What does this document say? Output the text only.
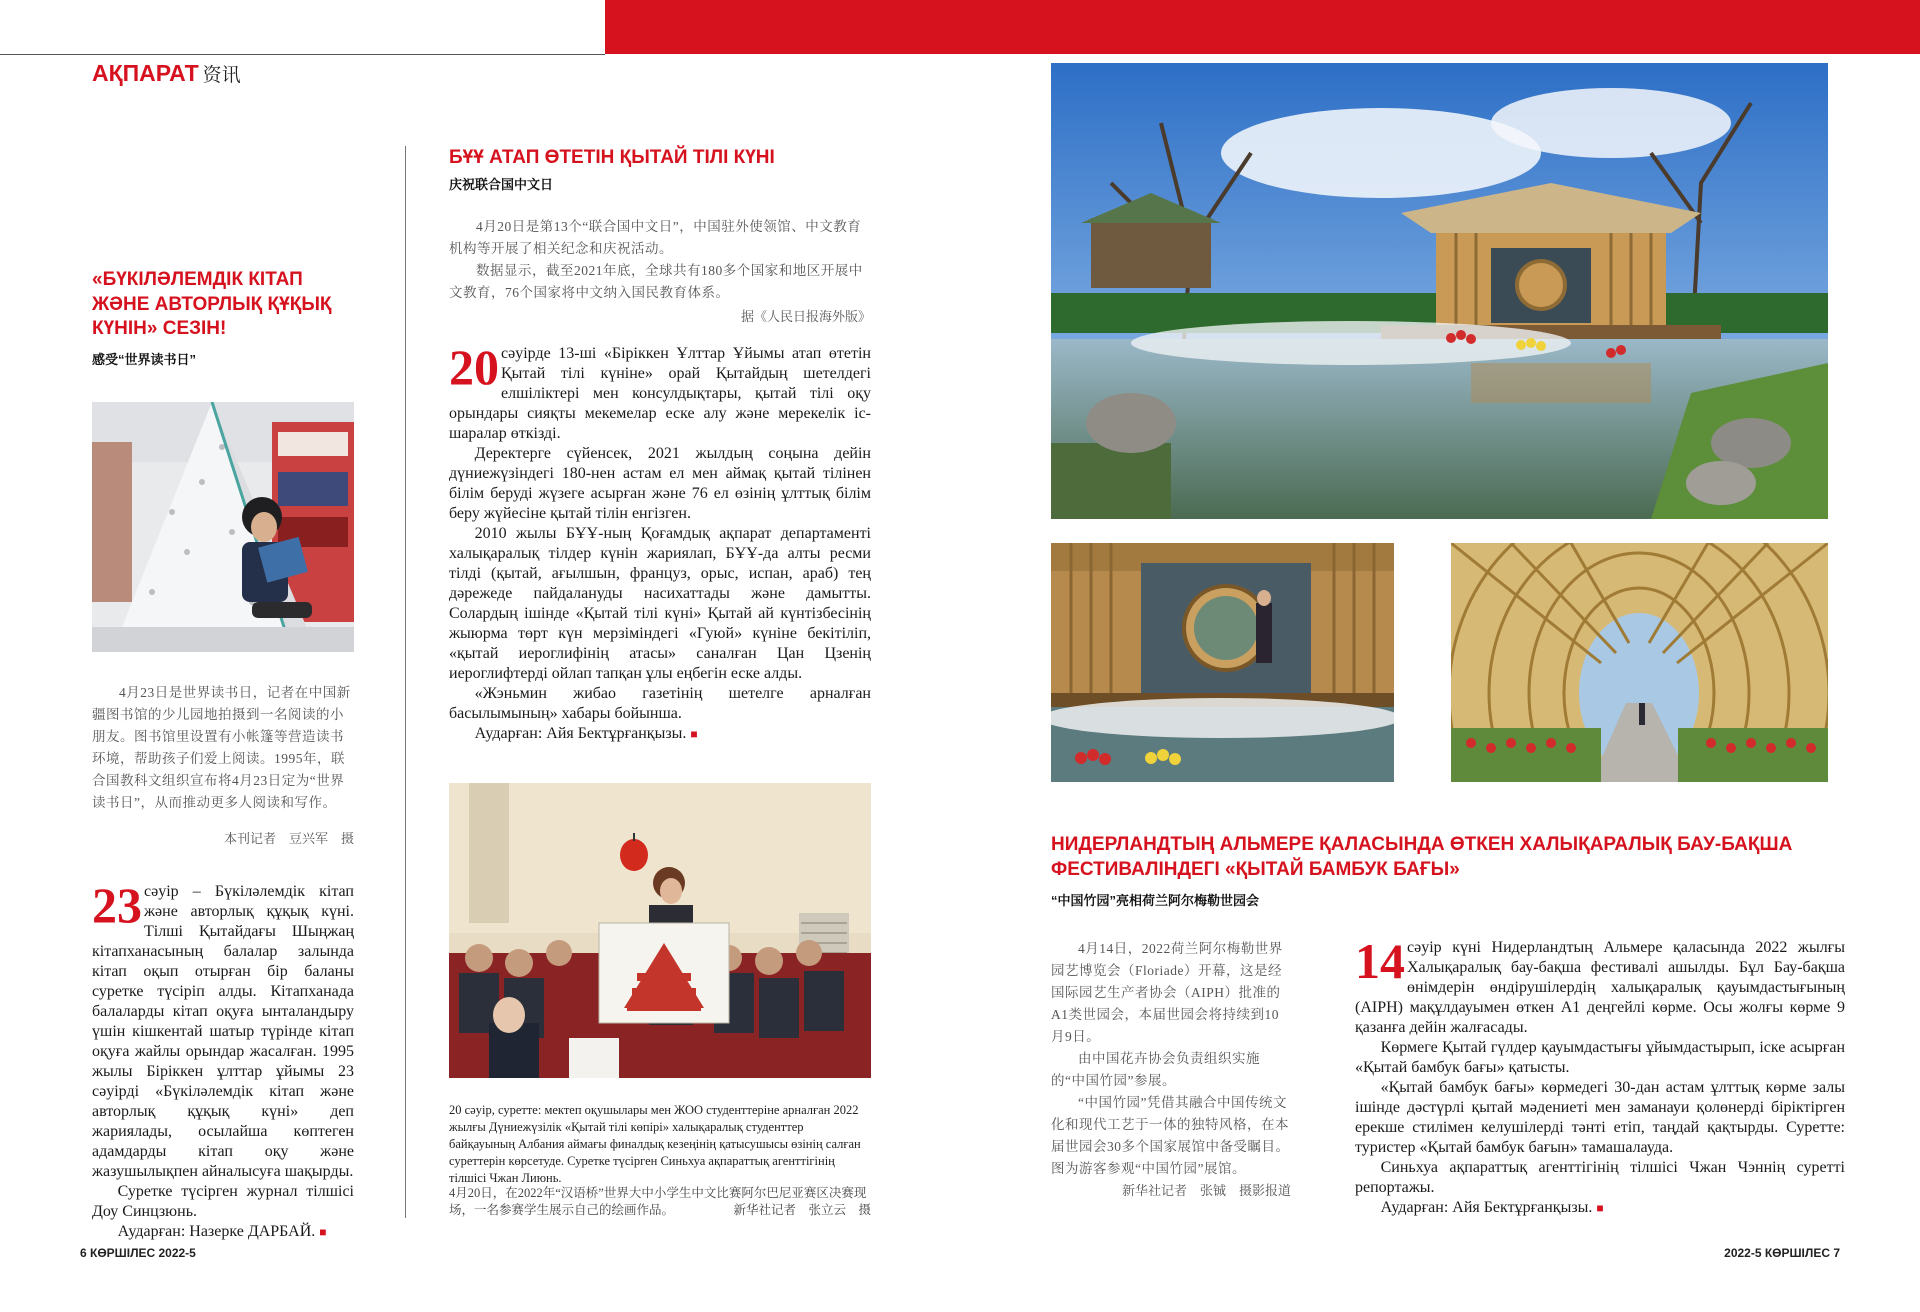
АҚПАРАТ 资讯
«БҮКІЛӘЛЕМДІК КІТАП ЖӘНЕ АВТОРЛЫҚ ҚҰҚЫҚ КҮНІН» СЕЗІН!
感受“世界读书日”
4月23日是世界读书日，记者在中国新疆图书馆的少儿园地拍摄到一名阅读的小朋友。图书馆里设置有小帐篷等营造读书环境，帮助孩子们爱上阅读。1995年，联合国教科文组织宣布将4月23日定为“世界读书日”，从而推动更多人阅读和写作。
本刊记者　豆兴军　摄

23 сәуір – Бүкіләлемдік кітап және авторлық құқық күні. Тілші Қытайдағы Шыңжаң кітапханасының балалар залында кітап оқып отырған бір баланы суретке түсіріп алды. Кітапханада балаларды кітап оқуға ынталандыру үшін кішкентай шатыр түрінде кітап оқуға жайлы орындар жасалған. 1995 жылы Біріккен ұлттар ұйымы 23 сәуірді «Бүкіләлемдік кітап және авторлық құқық күні» деп жариялады, осылайша көптеген адамдарды кітап оқу және жазушылықпен айналысуға шақырды.

Суретке түсірген журнал тілшісі Доу Синцзюнь.

Аударған: Назерке ДАРБАЙ. ■

БҰҰ АТАП ӨТЕТІН ҚЫТАЙ ТІЛІ КҮНІ
庆祝联合国中文日

4月20日是第13个“联合国中文日”，中国驻外使领馆、中文教育机构等开展了相关纪念和庆祝活动。

数据显示，截至2021年底，全球共有180多个国家和地区开展中文教育，76个国家将中文纳入国民教育体系。

据《人民日报海外版》

20 сәуірде 13-ші «Біріккен Ұлттар Ұйымы атап өтетін Қытай тілі күніне» орай Қытайдың шетелдегі елшіліктері мен консулдықтары, қытай тілі оқу орындары сияқты мекемелар еске алу және мерекелік іс-шаралар өткізді.

Деректерге сүйенсек, 2021 жылдың соңына дейін дүниежүзіндегі 180-нен астам ел мен аймақ қытай тілінен білім беруді жүзеге асырған және 76 ел өзінің ұлттық білім беру жүйесіне қытай тілін енгізген.

2010 жылы БҰҰ-ның Қоғамдық ақпарат департаменті халықаралық тілдер күнін жариялап, БҰҰ-да алты ресми тілді (қытай, ағылшын, француз, орыс, испан, араб) тең дәрежеде пайдалануды насихаттады және дамытты. Солардың ішінде «Қытай тілі күні» Қытай ай күнтізбесінің жыюрма төрт күн мерзіміндегі «Гуюй» күніне бекітіліп, «қытай иероглифінің атасы» саналған Цан Цзенің иероглифтерді ойлап тапқан ұлы еңбегін еске алды.

«Жэньмин жибао газетінің шетелге арналған басылымының» хабары бойынша.

Аударған: Айя Бектұрғанқызы. ■

20 сәуір, суретте: мектеп оқушылары мен ЖОО студенттеріне арналған 2022 жылғы Дүниежүзілік «Қытай тілі көпірі» халықаралық студенттер байқауының Албания аймағы финалдық кезеңінің қатысушысы өзінің салған суреттерін көрсетуде. Суретке түсірген Синьхуа ақпараттық агенттігінің тілшісі Чжан Лиюнь.
4月20日，在2022年“汉语桥”世界大中小学生中文比赛阿尔巴尼亚赛区决赛现场，一名参赛学生展示自己的绘画作品。	新华社记者　张立云　摄
НИДЕРЛАНДТЫҢ АЛЬМЕРЕ ҚАЛАСЫНДА ӨТКЕН ХАЛЫҚАРАЛЫҚ БАУ-БАҚША ФЕСТИВАЛІНДЕГІ «ҚЫТАЙ БАМБУК БАҒЫ»
“中国竹园”亮相荷兰阿尔梅勒世园会

4月14日，2022荷兰阿尔梅勒世界园艺博览会（Floriade）开幕，这是经国际园艺生产者协会（AIPH）批准的A1类世园会，本届世园会将持续到10月9日。

由中国花卉协会负责组织实施的“中国竹园”参展。

“中国竹园”凭借其融合中国传统文化和现代工艺于一体的独特风格，在本届世园会30多个国家展馆中备受瞩目。图为游客参观“中国竹园”展馆。

新华社记者　张铖　摄影报道

14 сәуір күні Нидерландтың Альмере қаласында 2022 жылғы Халықаралық бау-бақша фестивалі ашылды. Бұл Бау-бақша өнімдерін өндірушілердің халықаралық қауымдастығының (AIPH) мақұлдауымен өткен A1 деңгейлі көрме. Осы жолғы көрме 9 қазанға дейін жалғасады.

Көрмеге Қытай гүлдер қауымдастығы ұйымдастырып, іске асырған «Қытай бамбук бағы» қатысты.

«Қытай бамбук бағы» көрмедегі 30-дан астам ұлттық көрме залы ішінде дәстүрлі қытай мәдениеті мен заманауи қолөнерді біріктірген ерекше стилімен келушілерді тәнті етіп, таңдай қақтырды. Суретте: туристер «Қытай бамбук бағын» тамашалауда.

Синьхуа ақпараттық агенттігінің тілшісі Чжан Чэннің суретті репортажы.

Аударған: Айя Бектұрғанқызы. ■

6 КӨРШІЛЕС 2022-5	2022-5 КӨРШІЛЕС 7
